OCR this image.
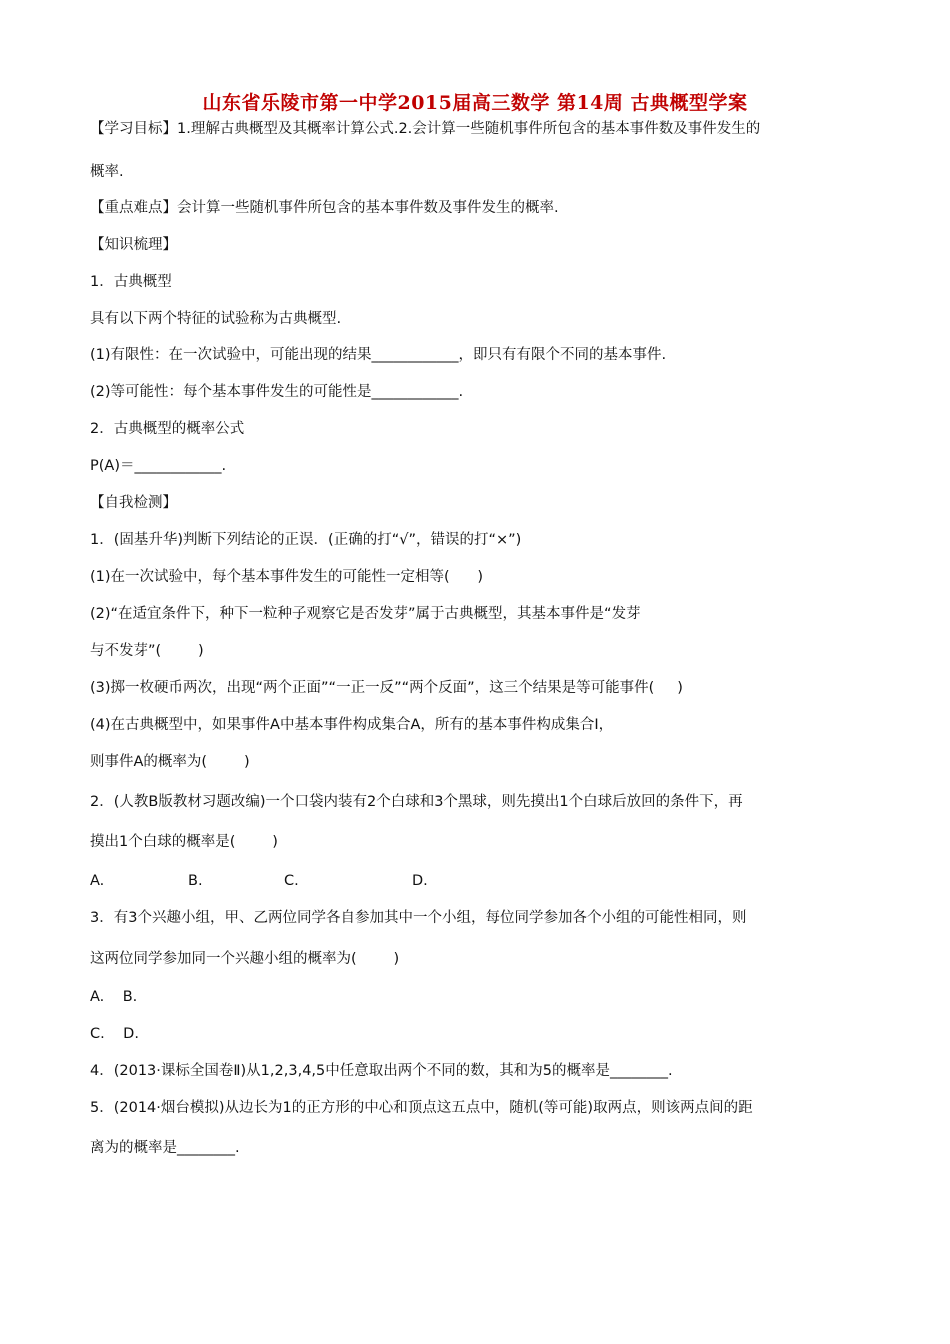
山东省乐陵市第一中学2015届高三数学 第14周 古典概型学案
【学习目标】1.理解古典概型及其概率计算公式.2.会计算一些随机事件所包含的基本事件数及事件发生的
概率.
【重点难点】会计算一些随机事件所包含的基本事件数及事件发生的概率.
【知识梳理】
1．古典概型
具有以下两个特征的试验称为古典概型.
(1)有限性：在一次试验中，可能出现的结果____________，即只有有限个不同的基本事件.
(2)等可能性：每个基本事件发生的可能性是____________.
2．古典概型的概率公式
P(A)＝____________.
【自我检测】
1．(固基升华)判断下列结论的正误．(正确的打“√”，错误的打“×”)
(1)在一次试验中，每个基本事件发生的可能性一定相等(      )
(2)“在适宜条件下，种下一粒种子观察它是否发芽”属于古典概型，其基本事件是“发芽
与不发芽”(        )
(3)掷一枚硬币两次，出现“两个正面”“一正一反”“两个反面”，这三个结果是等可能事件(     )
(4)在古典概型中，如果事件A中基本事件构成集合A，所有的基本事件构成集合I，
则事件A的概率为(        )
2．(人教B版教材习题改编)一个口袋内装有2个白球和3个黑球，则先摸出1个白球后放回的条件下，再
摸出1个白球的概率是(        )
A.	B.	C.	D.
3．有3个兴趣小组，甲、乙两位同学各自参加其中一个小组，每位同学参加各个小组的可能性相同，则
这两位同学参加同一个兴趣小组的概率为(        )
A.    B.
C.    D.
4．(2013·课标全国卷Ⅱ)从1,2,3,4,5中任意取出两个不同的数，其和为5的概率是________.
5．(2014·烟台模拟)从边长为1的正方形的中心和顶点这五点中，随机(等可能)取两点，则该两点间的距
离为的概率是________.
